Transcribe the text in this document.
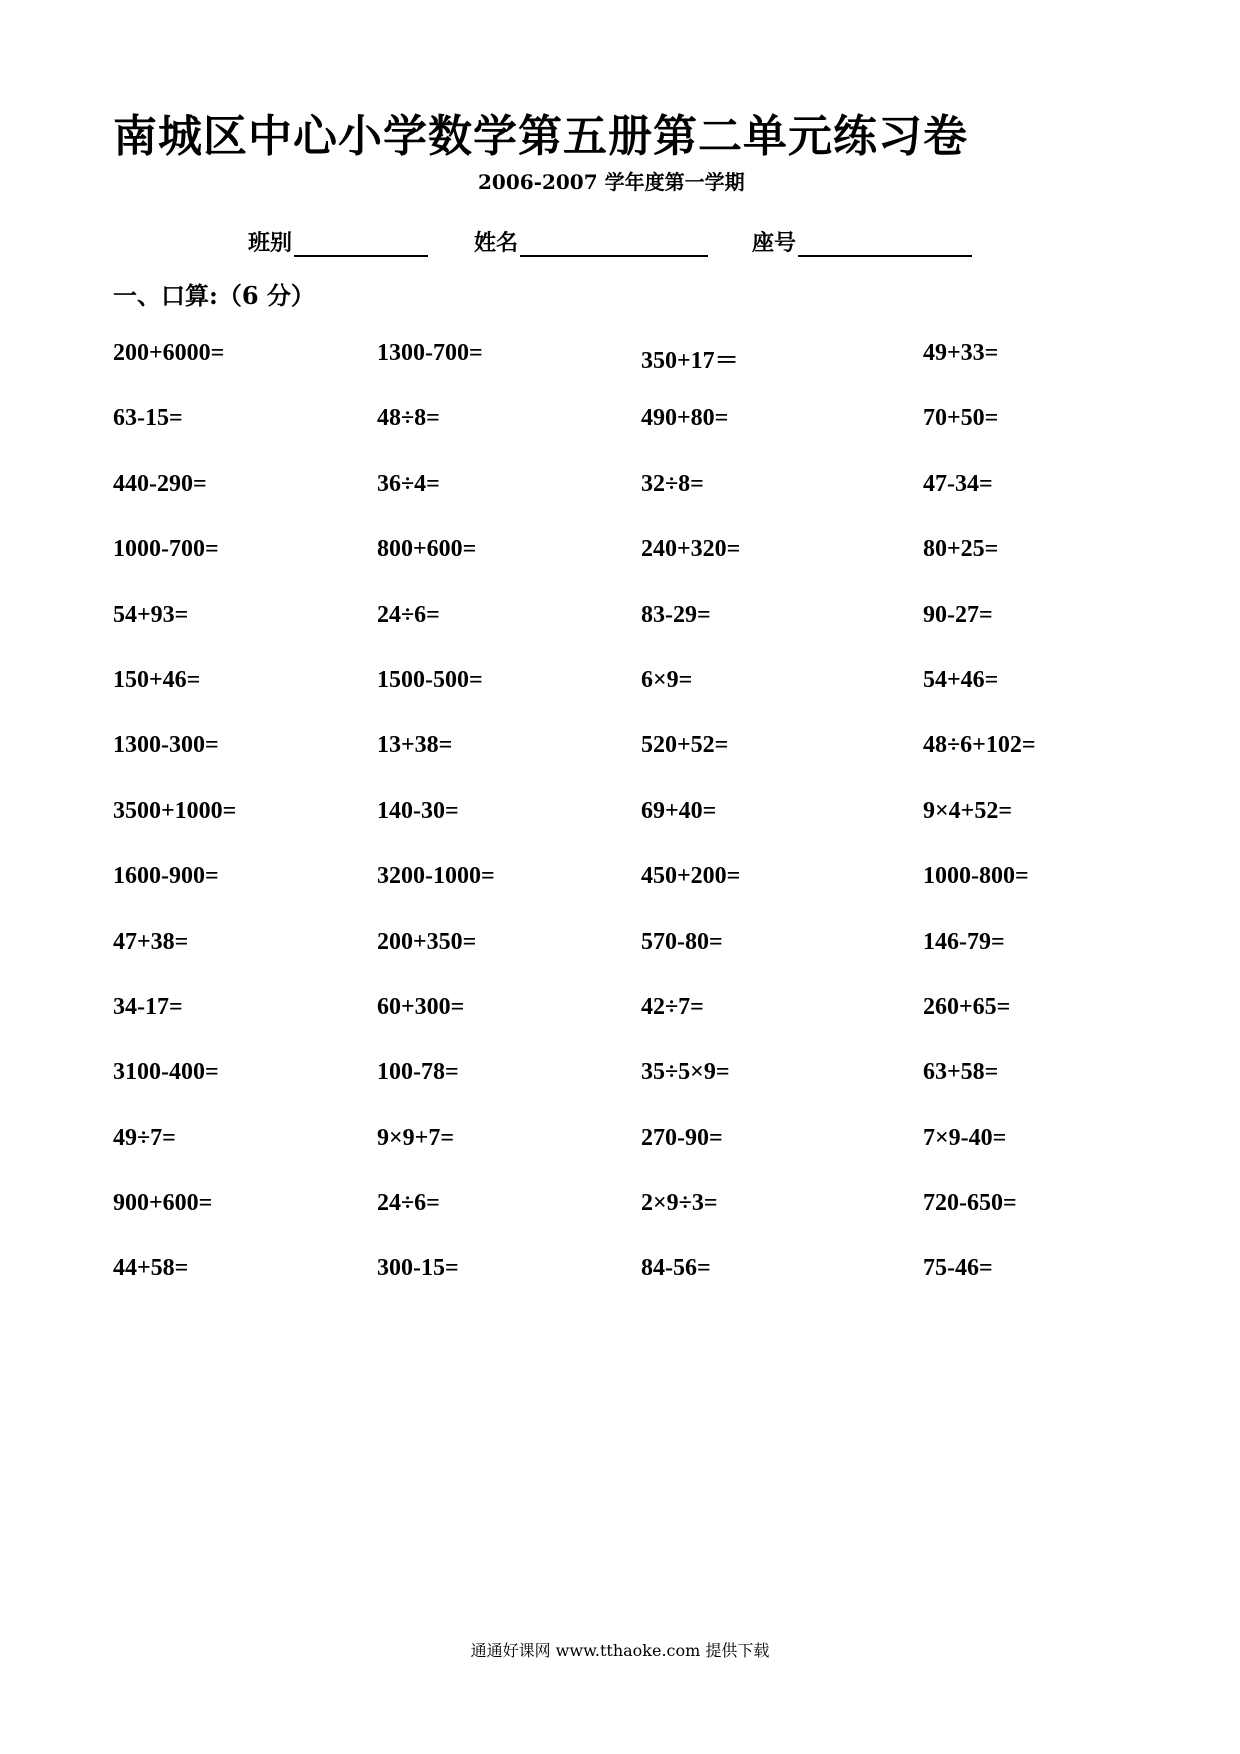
南城区中心小学数学第五册第二单元练习卷
2006-2007 学年度第一学期
班别	姓名	座号
一、口算:（6 分）
200+6000=	1300-700=	350+17＝	49+33=
63-15=	48÷8=	490+80=	70+50=
440-290=	36÷4=	32÷8=	47-34=
1000-700=	800+600=	240+320=	80+25=
54+93=	24÷6=	83-29=	90-27=
150+46=	1500-500=	6×9=	54+46=
1300-300=	13+38=	520+52=	48÷6+102=
3500+1000=	140-30=	69+40=	9×4+52=
1600-900=	3200-1000=	450+200=	1000-800=
47+38=	200+350=	570-80=	146-79=
34-17=	60+300=	42÷7=	260+65=
3100-400=	100-78=	35÷5×9=	63+58=
49÷7=	9×9+7=	270-90=	7×9-40=
900+600=	24÷6=	2×9÷3=	720-650=
44+58=	300-15=	84-56=	75-46=
通通好课网 www.tthaoke.com 提供下载
